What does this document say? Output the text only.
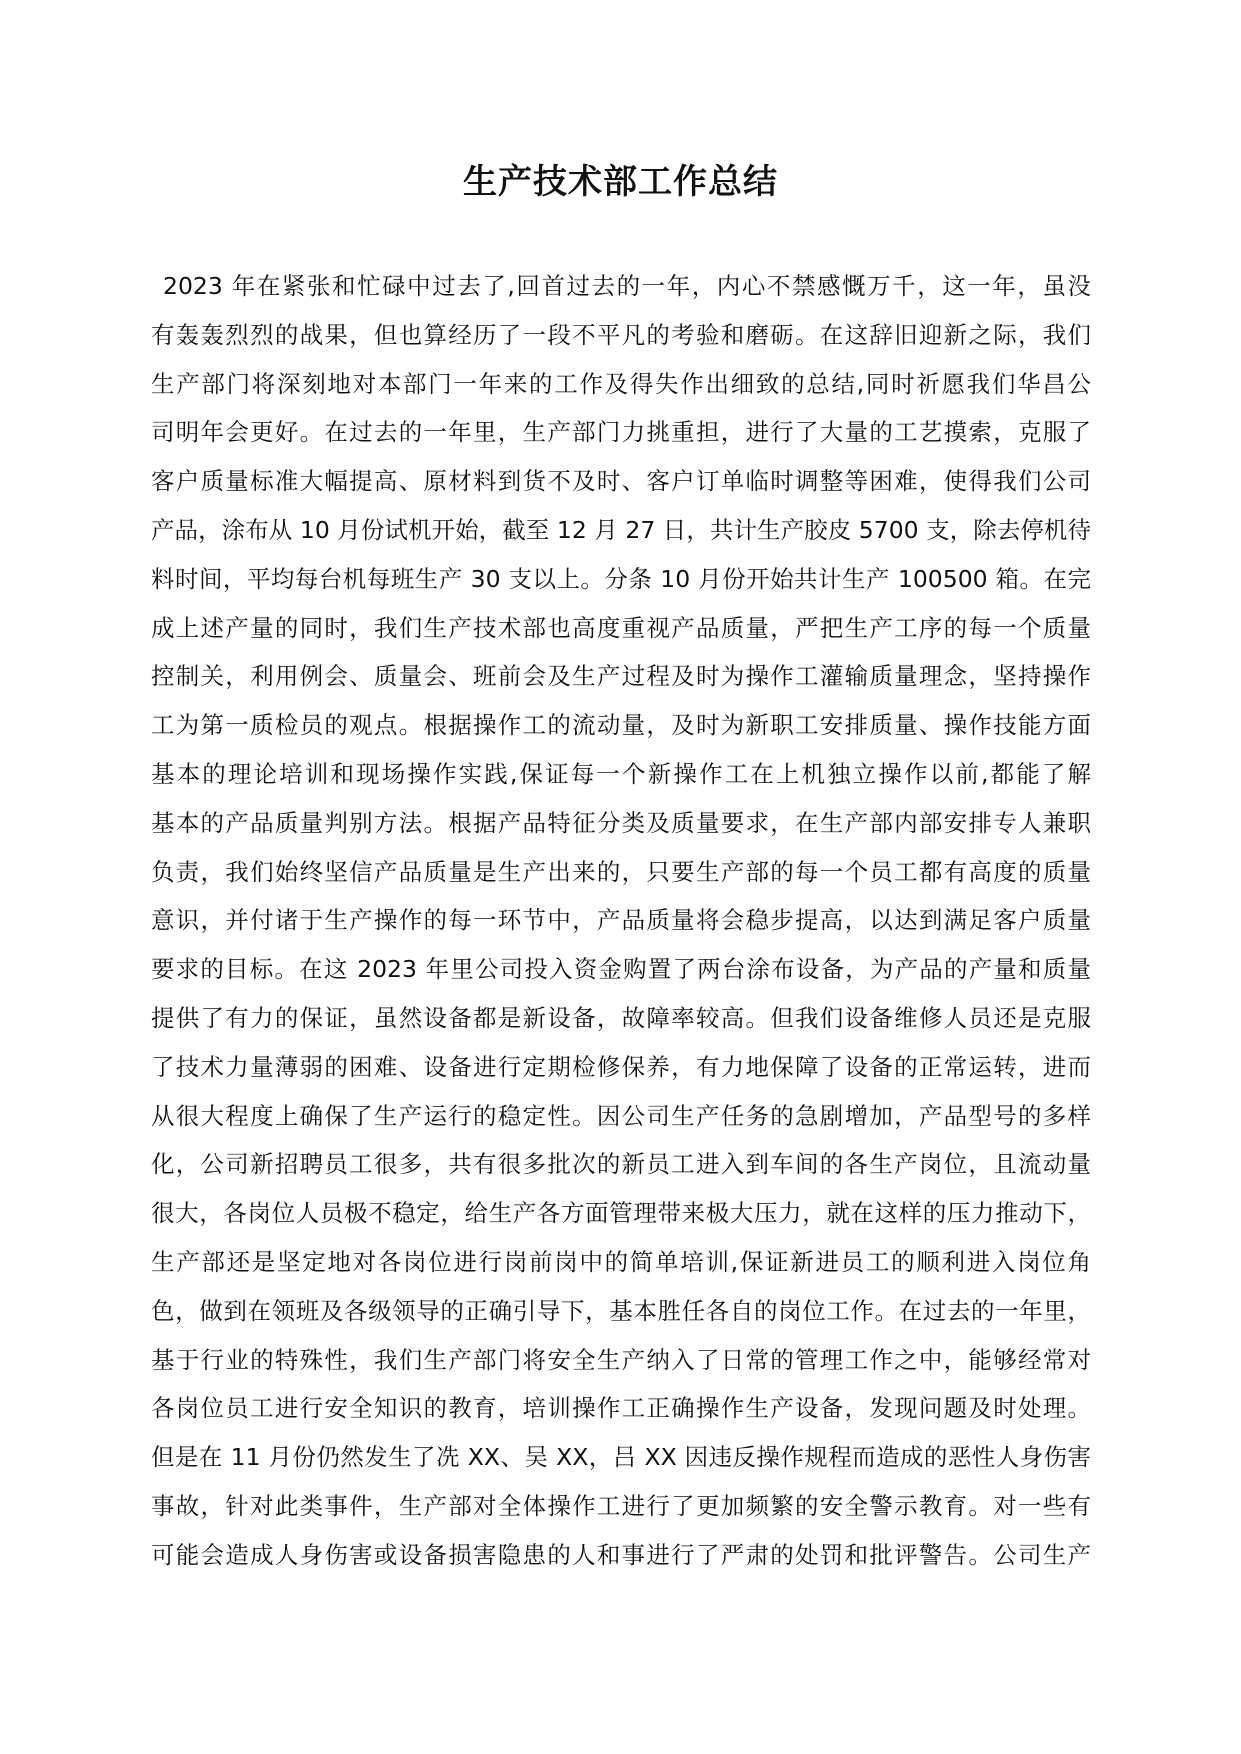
生产技术部工作总结
2023 年在紧张和忙碌中过去了,回首过去的一年，内心不禁感慨万千，这一年，虽没
有轰轰烈烈的战果，但也算经历了一段不平凡的考验和磨砺。在这辞旧迎新之际，我们
生产部门将深刻地对本部门一年来的工作及得失作出细致的总结,同时祈愿我们华昌公
司明年会更好。在过去的一年里，生产部门力挑重担，进行了大量的工艺摸索，克服了
客户质量标准大幅提高、原材料到货不及时、客户订单临时调整等困难，使得我们公司
产品，涂布从 10 月份试机开始，截至 12 月 27 日，共计生产胶皮 5700 支，除去停机待
料时间，平均每台机每班生产 30 支以上。分条 10 月份开始共计生产 100500 箱。在完
成上述产量的同时，我们生产技术部也高度重视产品质量，严把生产工序的每一个质量
控制关，利用例会、质量会、班前会及生产过程及时为操作工灌输质量理念，坚持操作
工为第一质检员的观点。根据操作工的流动量，及时为新职工安排质量、操作技能方面
基本的理论培训和现场操作实践,保证每一个新操作工在上机独立操作以前,都能了解
基本的产品质量判别方法。根据产品特征分类及质量要求，在生产部内部安排专人兼职
负责，我们始终坚信产品质量是生产出来的，只要生产部的每一个员工都有高度的质量
意识，并付诸于生产操作的每一环节中，产品质量将会稳步提高，以达到满足客户质量
要求的目标。在这 2023 年里公司投入资金购置了两台涂布设备，为产品的产量和质量
提供了有力的保证，虽然设备都是新设备，故障率较高。但我们设备维修人员还是克服
了技术力量薄弱的困难、设备进行定期检修保养，有力地保障了设备的正常运转，进而
从很大程度上确保了生产运行的稳定性。因公司生产任务的急剧增加，产品型号的多样
化，公司新招聘员工很多，共有很多批次的新员工进入到车间的各生产岗位，且流动量
很大，各岗位人员极不稳定，给生产各方面管理带来极大压力，就在这样的压力推动下，
生产部还是坚定地对各岗位进行岗前岗中的简单培训,保证新进员工的顺利进入岗位角
色，做到在领班及各级领导的正确引导下，基本胜任各自的岗位工作。在过去的一年里，
基于行业的特殊性，我们生产部门将安全生产纳入了日常的管理工作之中，能够经常对
各岗位员工进行安全知识的教育，培训操作工正确操作生产设备，发现问题及时处理。
但是在 11 月份仍然发生了冼 XX、吴 XX，吕 XX 因违反操作规程而造成的恶性人身伤害
事故，针对此类事件，生产部对全体操作工进行了更加频繁的安全警示教育。对一些有
可能会造成人身伤害或设备损害隐患的人和事进行了严肃的处罚和批评警告。公司生产
